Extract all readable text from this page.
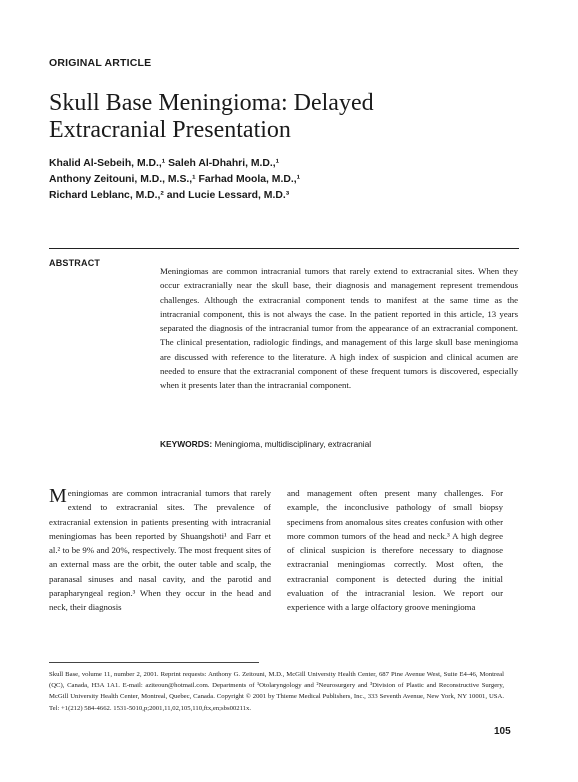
ORIGINAL ARTICLE
Skull Base Meningioma: Delayed
Extracranial Presentation
Khalid Al-Sebeih, M.D.,¹ Saleh Al-Dhahri, M.D.,¹
Anthony Zeitouni, M.D., M.S.,¹ Farhad Moola, M.D.,¹
Richard Leblanc, M.D.,² and Lucie Lessard, M.D.³
ABSTRACT
Meningiomas are common intracranial tumors that rarely extend to extracranial sites. When they occur extracranially near the skull base, their diagnosis and management represent tremendous challenges. Although the extracranial component tends to manifest at the same time as the intracranial component, this is not always the case. In the patient reported in this article, 13 years separated the diagnosis of the intracranial tumor from the appearance of an extracranial component. The clinical presentation, radiologic findings, and management of this large skull base meningioma are discussed with reference to the literature. A high index of suspicion and clinical acumen are needed to ensure that the extracranial component of these frequent tumors is discovered, especially when it presents later than the intracranial component.
KEYWORDS: Meningioma, multidisciplinary, extracranial
Meningiomas are common intracranial tumors that rarely extend to extracranial sites. The prevalence of extracranial extension in patients presenting with intracranial meningiomas has been reported by Shuangshoti¹ and Farr et al.² to be 9% and 20%, respectively. The most frequent sites of an external mass are the orbit, the outer table and scalp, the paranasal sinuses and nasal cavity, and the parotid and parapharyngeal region.³ When they occur in the head and neck, their diagnosis
and management often present many challenges. For example, the inconclusive pathology of small biopsy specimens from anomalous sites creates confusion with other more common tumors of the head and neck.³ A high degree of clinical suspicion is therefore necessary to diagnose extracranial meningiomas correctly. Most often, the extracranial component is detected during the initial evaluation of the intracranial lesion. We report our experience with a large olfactory groove meningioma
Skull Base, volume 11, number 2, 2001. Reprint requests: Anthony G. Zeitouni, M.D., McGill University Health Center, 687 Pine Avenue West, Suite E4-46, Montreal (QC), Canada, H3A 1A1. E-mail: aziteoun@hotmail.com. Departments of ¹Otolaryngology and ²Neurosurgery and ³Division of Plastic and Reconstructive Surgery, McGill University Health Center, Montreal, Quebec, Canada. Copyright © 2001 by Thieme Medical Publishers, Inc., 333 Seventh Avenue, New York, NY 10001, USA. Tel: +1(212) 584-4662. 1531-5010,p;2001,11,02,105,110,ftx,en;sbs00211x.
105
